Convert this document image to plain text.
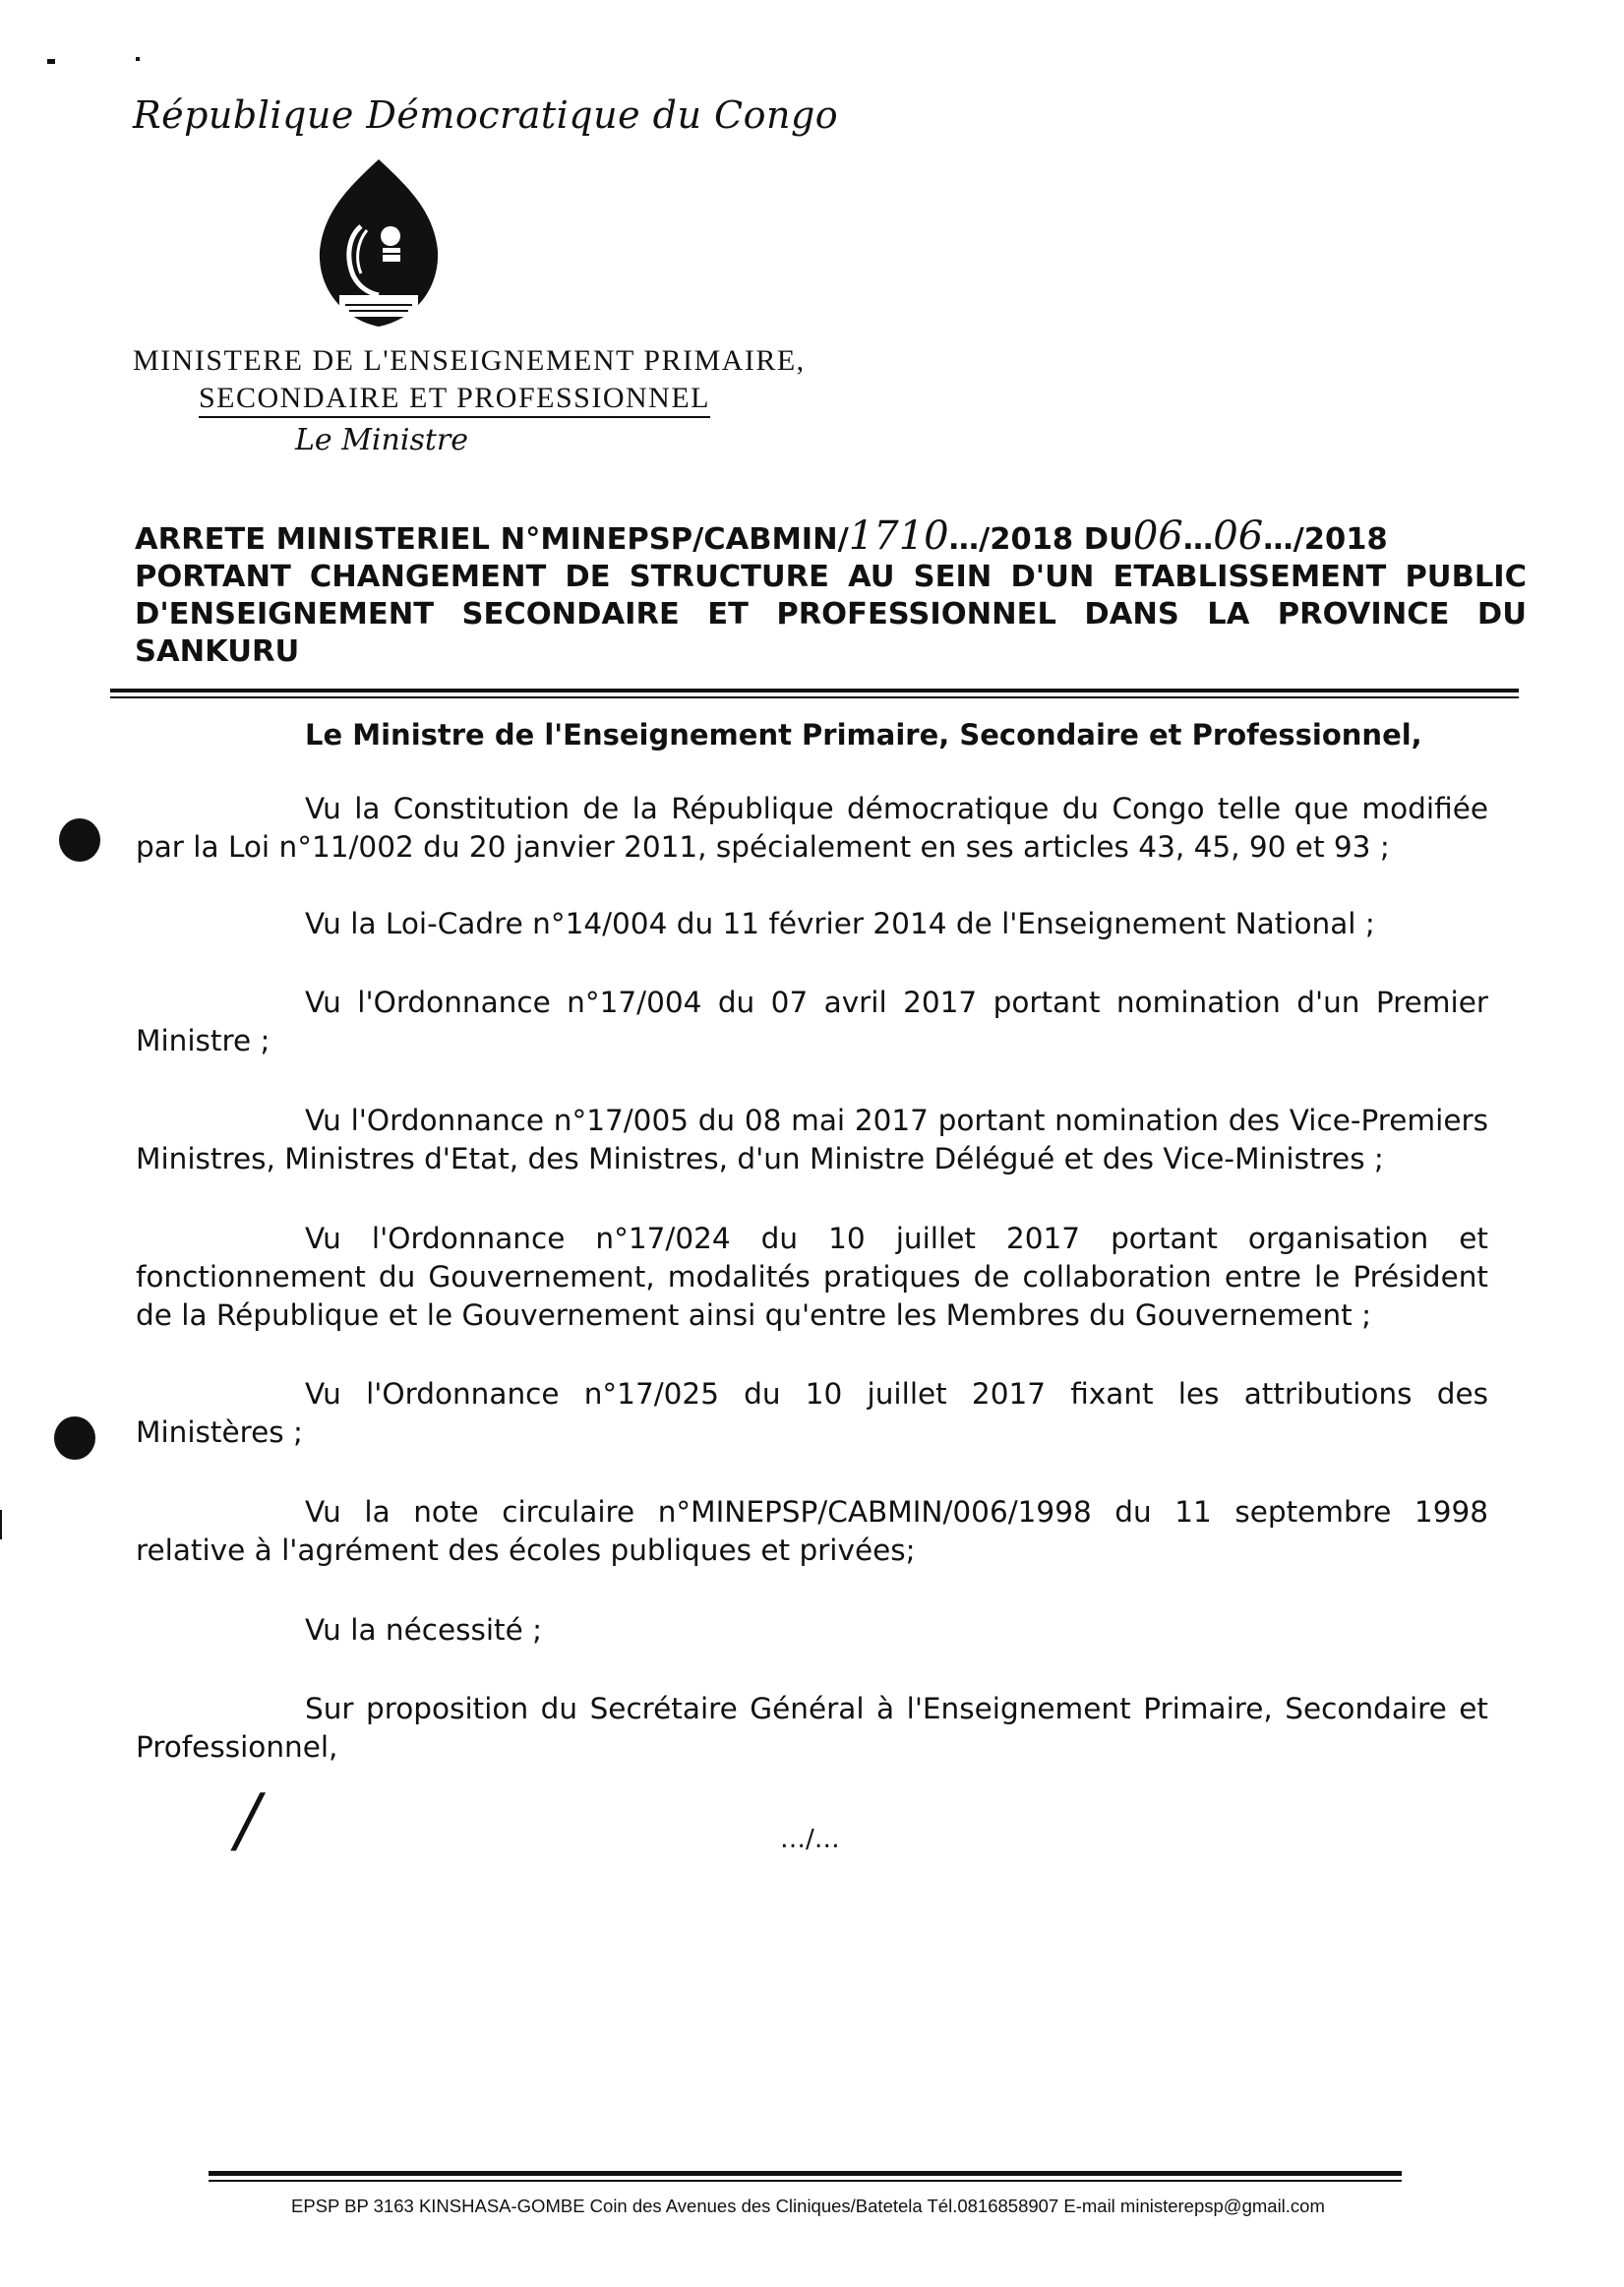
République Démocratique du Congo
MINISTERE DE L'ENSEIGNEMENT PRIMAIRE,
SECONDAIRE ET PROFESSIONNEL
Le Ministre
ARRETE MINISTERIEL N°MINEPSP/CABMIN/1710…/2018 DU06…06…/2018
PORTANT CHANGEMENT DE STRUCTURE AU SEIN D'UN ETABLISSEMENT PUBLIC D'ENSEIGNEMENT SECONDAIRE ET PROFESSIONNEL DANS LA PROVINCE DU SANKURU
Le Ministre de l'Enseignement Primaire, Secondaire et Professionnel,
Vu la Constitution de la République démocratique du Congo telle que modifiée par la Loi n°11/002 du 20 janvier 2011, spécialement en ses articles 43, 45, 90 et 93 ;
Vu la Loi-Cadre n°14/004 du 11 février 2014 de l'Enseignement National ;
Vu l'Ordonnance n°17/004 du 07 avril 2017 portant nomination d'un Premier Ministre ;
Vu l'Ordonnance n°17/005 du 08 mai 2017 portant nomination des Vice-Premiers Ministres, Ministres d'Etat, des Ministres, d'un Ministre Délégué et des Vice-Ministres ;
Vu l'Ordonnance n°17/024 du 10 juillet 2017 portant organisation et fonctionnement du Gouvernement, modalités pratiques de collaboration entre le Président de la République et le Gouvernement ainsi qu'entre les Membres du Gouvernement ;
Vu l'Ordonnance n°17/025 du 10 juillet 2017 fixant les attributions des Ministères ;
Vu la note circulaire n°MINEPSP/CABMIN/006/1998 du 11 septembre 1998 relative à l'agrément des écoles publiques et privées;
Vu la nécessité ;
Sur proposition du Secrétaire Général à l'Enseignement Primaire, Secondaire et Professionnel,
/	…/…
EPSP BP 3163 KINSHASA-GOMBE Coin des Avenues des Cliniques/Batetela Tél.0816858907 E-mail ministerepsp@gmail.com
